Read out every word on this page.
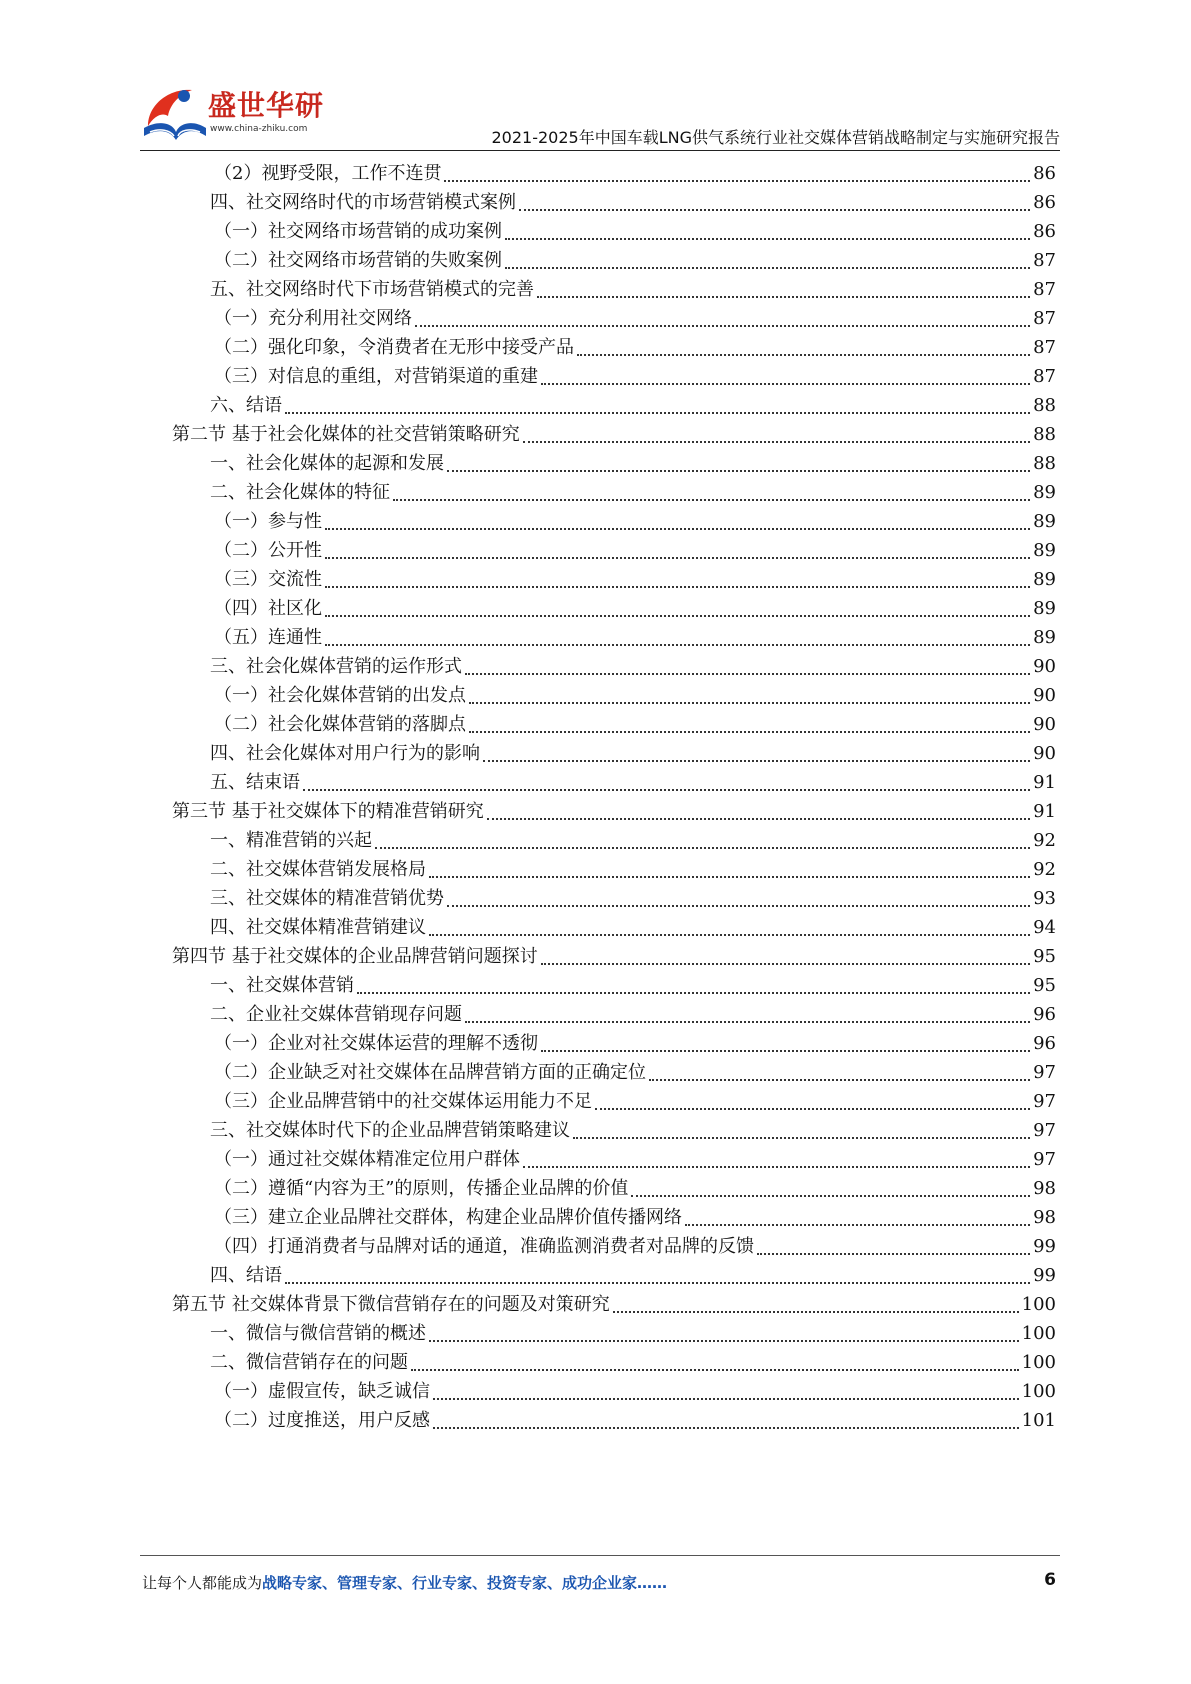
盛世华研
www.china-zhiku.com	2021-2025年中国车载LNG供气系统行业社交媒体营销战略制定与实施研究报告
（2）视野受限，工作不连贯	86
四、社交网络时代的市场营销模式案例	86
（一）社交网络市场营销的成功案例	86
（二）社交网络市场营销的失败案例	87
五、社交网络时代下市场营销模式的完善	87
（一）充分利用社交网络	87
（二）强化印象，令消费者在无形中接受产品	87
（三）对信息的重组，对营销渠道的重建	87
六、结语	88
第二节 基于社会化媒体的社交营销策略研究	88
一、社会化媒体的起源和发展	88
二、社会化媒体的特征	89
（一）参与性	89
（二）公开性	89
（三）交流性	89
（四）社区化	89
（五）连通性	89
三、社会化媒体营销的运作形式	90
（一）社会化媒体营销的出发点	90
（二）社会化媒体营销的落脚点	90
四、社会化媒体对用户行为的影响	90
五、结束语	91
第三节 基于社交媒体下的精准营销研究	91
一、精准营销的兴起	92
二、社交媒体营销发展格局	92
三、社交媒体的精准营销优势	93
四、社交媒体精准营销建议	94
第四节 基于社交媒体的企业品牌营销问题探讨	95
一、社交媒体营销	95
二、企业社交媒体营销现存问题	96
（一）企业对社交媒体运营的理解不透彻	96
（二）企业缺乏对社交媒体在品牌营销方面的正确定位	97
（三）企业品牌营销中的社交媒体运用能力不足	97
三、社交媒体时代下的企业品牌营销策略建议	97
（一）通过社交媒体精准定位用户群体	97
（二）遵循“内容为王”的原则，传播企业品牌的价值	98
（三）建立企业品牌社交群体，构建企业品牌价值传播网络	98
（四）打通消费者与品牌对话的通道，准确监测消费者对品牌的反馈	99
四、结语	99
第五节 社交媒体背景下微信营销存在的问题及对策研究	100
一、微信与微信营销的概述	100
二、微信营销存在的问题	100
（一）虚假宣传，缺乏诚信	100
（二）过度推送，用户反感	101
让每个人都能成为战略专家、管理专家、行业专家、投资专家、成功企业家……	6
